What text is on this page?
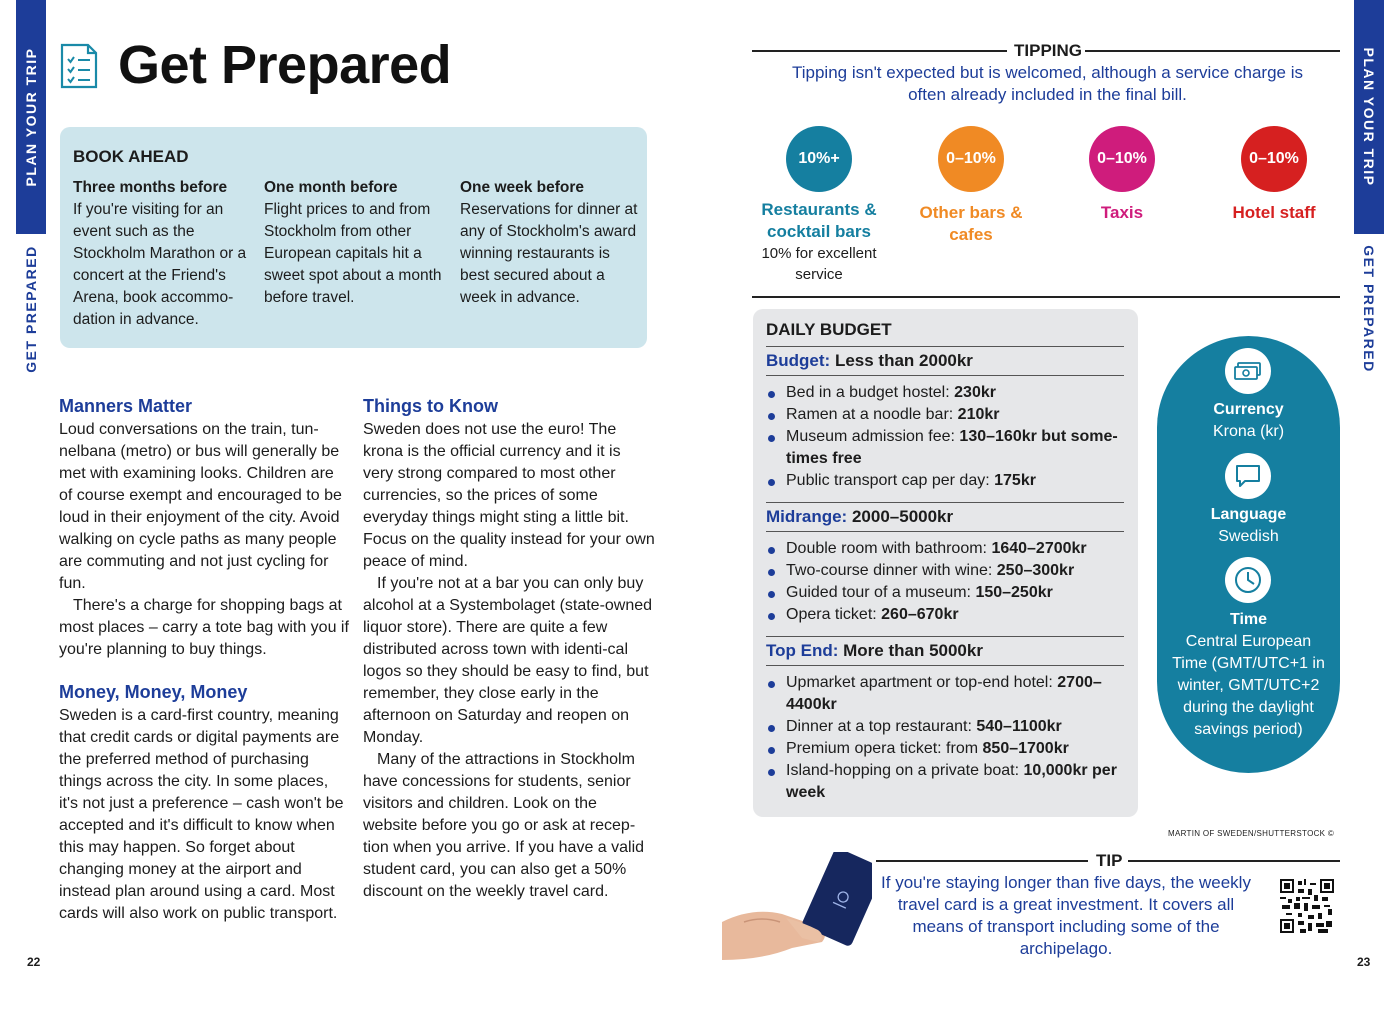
PLAN YOUR TRIP
GET PREPARED
PLAN YOUR TRIP
GET PREPARED
Get Prepared
BOOK AHEAD
Three months before
If you're visiting for an event such as the Stockholm Marathon or a concert at the Friend's Arena, book accommo-dation in advance.
One month before
Flight prices to and from Stockholm from other European capitals hit a sweet spot about a month before travel.
One week before
Reservations for dinner at any of Stockholm's award winning restaurants is best secured about a week in advance.
Manners Matter

Loud conversations on the train, tun-nelbana (metro) or bus will generally be met with examining looks. Children are of course exempt and encouraged to be loud in their enjoyment of the city. Avoid walking on cycle paths as many people are commuting and not just cycling for fun.

There's a charge for shopping bags at most places – carry a tote bag with you if you're planning to buy things.

Money, Money, Money

Sweden is a card-first country, meaning that credit cards or digital payments are the preferred method of purchasing things across the city. In some places, it's not just a preference – cash won't be accepted and it's difficult to know when this may happen. So forget about changing money at the airport and instead plan around using a card. Most cards will also work on public transport.

Things to Know

Sweden does not use the euro! The krona is the official currency and it is very strong compared to most other currencies, so the prices of some everyday things might sting a little bit. Focus on the quality instead for your own peace of mind.

If you're not at a bar you can only buy alcohol at a Systembolaget (state-owned liquor store). There are quite a few distributed across town with identi-cal logos so they should be easy to find, but remember, they close early in the afternoon on Saturday and reopen on Monday.

Many of the attractions in Stockholm have concessions for students, senior visitors and children. Look on the website before you go or ask at recep-tion when you arrive. If you have a valid student card, you can also get a 50% discount on the weekly travel card.

22	23
TIPPING
Tipping isn't expected but is welcomed, although a service charge is often already included in the final bill.
10%+
Restaurants & cocktail bars
10% for excellent service
0–10%
Other bars & cafes
0–10%
Taxis
0–10%
Hotel staff
DAILY BUDGET
Budget: Less than 2000kr
Bed in a budget hostel: 230kr
Ramen at a noodle bar: 210kr
Museum admission fee: 130–160kr but some-times free
Public transport cap per day: 175kr
Midrange: 2000–5000kr
Double room with bathroom: 1640–2700kr
Two-course dinner with wine: 250–300kr
Guided tour of a museum: 150–250kr
Opera ticket: 260–670kr
Top End: More than 5000kr
Upmarket apartment or top-end hotel: 2700–4400kr
Dinner at a top restaurant: 540–1100kr
Premium opera ticket: from 850–1700kr
Island-hopping on a private boat: 10,000kr per week
Currency
Krona (kr)
Language
Swedish
Time
Central European Time (GMT/UTC+1 in winter, GMT/UTC+2 during the daylight savings period)
MARTIN OF SWEDEN/SHUTTERSTOCK ©
TIP
If you're staying longer than five days, the weekly travel card is a great investment. It covers all means of transport including some of the archipelago.
